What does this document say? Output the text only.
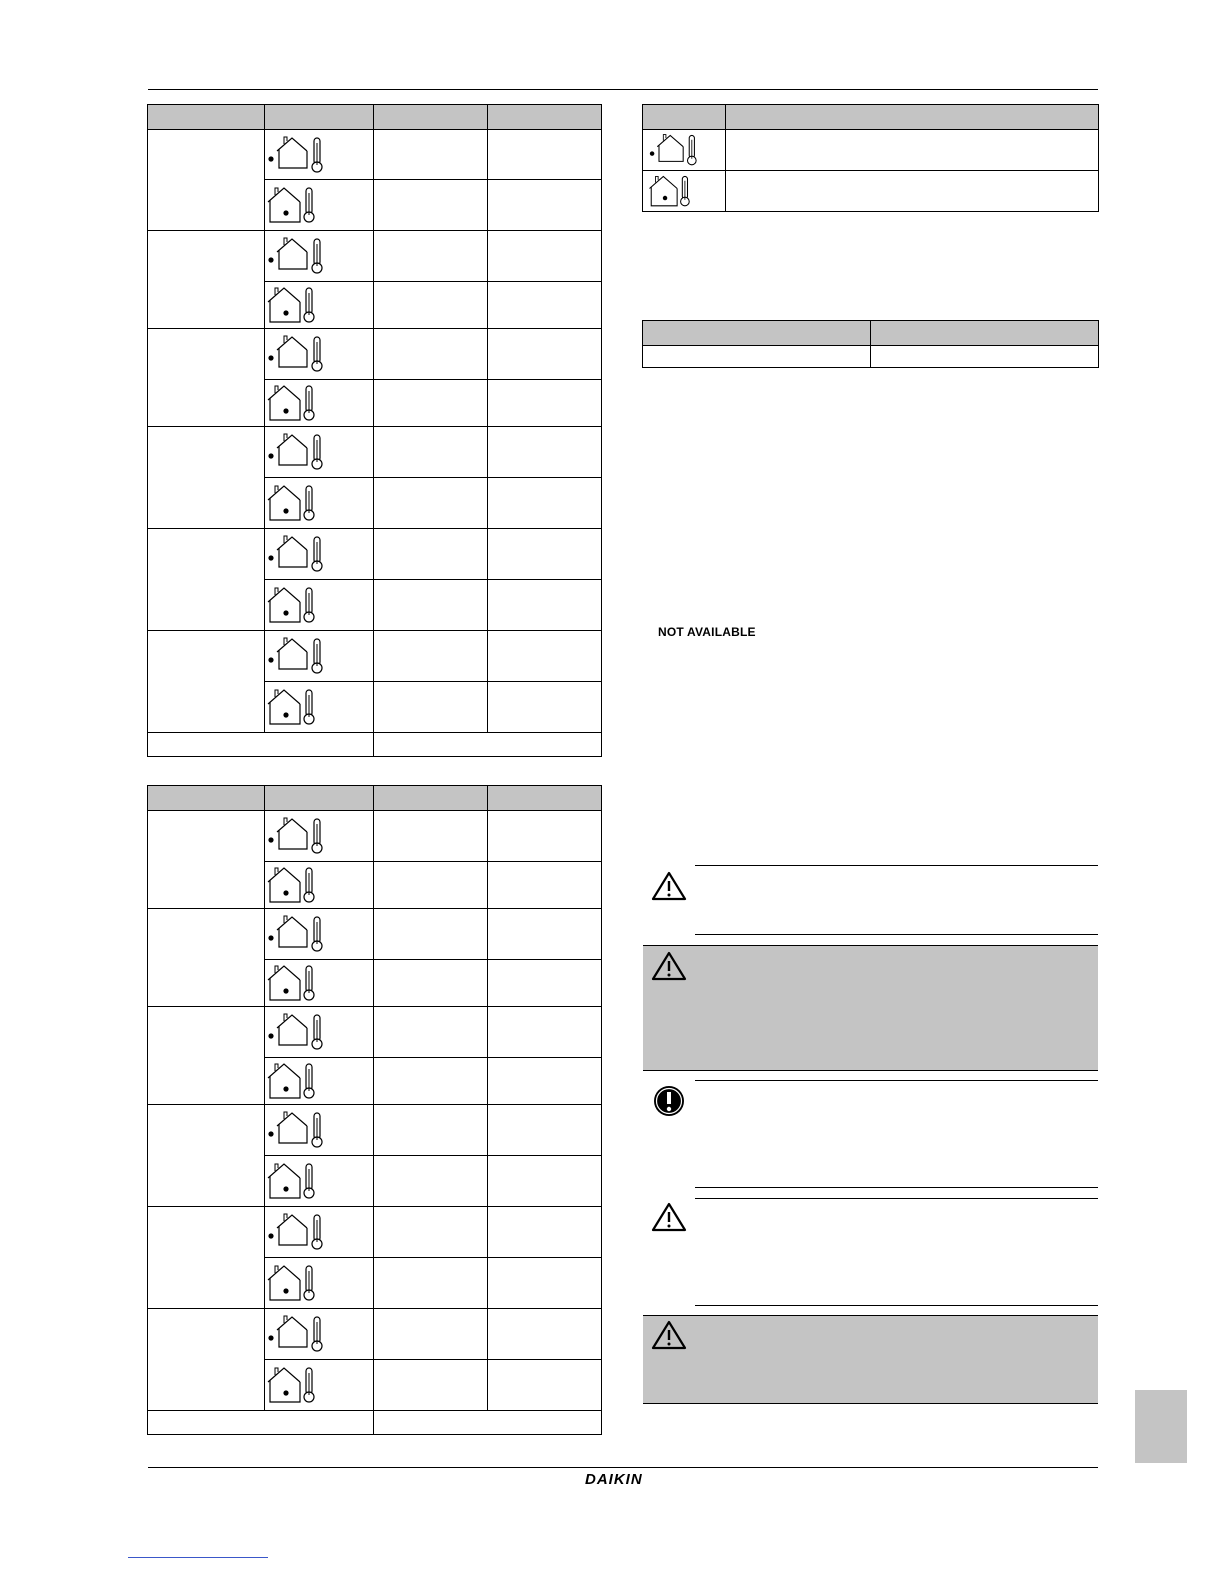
NOT AVAILABLE
DAIKIN
